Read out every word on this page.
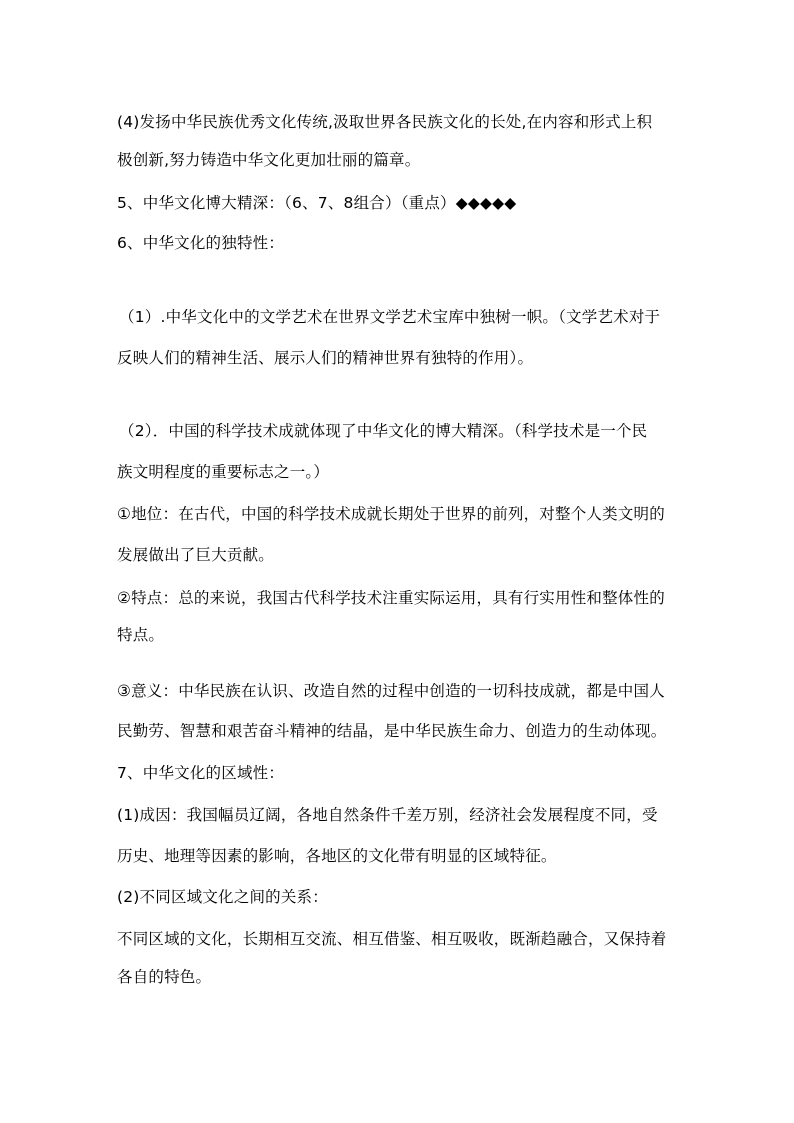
(4)发扬中华民族优秀文化传统,汲取世界各民族文化的长处,在内容和形式上积
极创新,努力铸造中华文化更加壮丽的篇章。
5、中华文化博大精深：（6、7、8组合）（重点）◆◆◆◆◆
6、中华文化的独特性：
（1）.中华文化中的文学艺术在世界文学艺术宝库中独树一帜。（文学艺术对于
反映人们的精神生活、展示人们的精神世界有独特的作用）。
（2）．中国的科学技术成就体现了中华文化的博大精深。（科学技术是一个民
族文明程度的重要标志之一。）
①地位：在古代，中国的科学技术成就长期处于世界的前列，对整个人类文明的
发展做出了巨大贡献。
②特点：总的来说，我国古代科学技术注重实际运用，具有行实用性和整体性的
特点。
③意义：中华民族在认识、改造自然的过程中创造的一切科技成就，都是中国人
民勤劳、智慧和艰苦奋斗精神的结晶，是中华民族生命力、创造力的生动体现。
7、中华文化的区域性：
(1)成因：我国幅员辽阔，各地自然条件千差万别，经济社会发展程度不同，受
历史、地理等因素的影响，各地区的文化带有明显的区域特征。
(2)不同区域文化之间的关系：
不同区域的文化，长期相互交流、相互借鉴、相互吸收，既渐趋融合，又保持着
各自的特色。
